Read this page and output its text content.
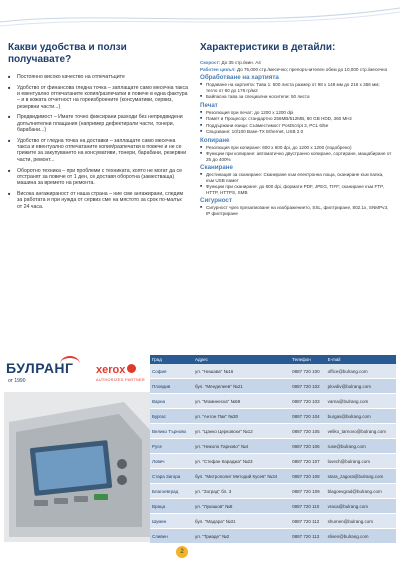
Какви удобства и ползи получавате?
■ Постоянно високо качество на отпечатъците
■ Удобство от финансова гледна точка – заплащате само месечна такса и евентуално отпечатаните копия/разпечатки в повече в една фактура – и в кожата отчетност на гореизброените (консумативи, сервиз, резервни части...)
■ Предвидимост – Имате точно фиксирани разходи без непредвидени допълнителни плащания (например дефектирали части, тонери, барабани...)
■ Удобство от гледна точка на доставки – заплащате само месечна такса и евентуално отпечатаните копия/разпечатки в повече и не се грижите за закупуването на консумативи, тонери, барабани, резервни части, ремонт...
■ Оборотно техника – при проблеми с техниката, която не могат да се отстранят за повече от 1 ден, се доставя оборотна (заместваща) машина за времето на ремонта.
■ Висока ангажираност от наша страна – ние сме ангажирани, следим за работата и при нужда от сервиз сме на мястото за срок по-малък от 24 часа.
Характеристики в детайли:
Скорост: До 35 стр./мин. А4
Работен цикъл: До 75,000 стр./месечно; препоръчителен обем до 10,000 стр./месечно
Обработване на хартията
■ Подаване на хартията: Тава 1: 500 листа размер от 98 x 148 мм до 216 x 356 мм; тегло от 60 до 176 гр/м2
■ Байпасна тава за специални носители: 50 листа
Печат
■ Резолюция при печат: до 1200 x 1200 dpi
■ Памет и Процесор: стандартно 256MB/512MB, 80 GB HDD, 360 MHz
■ Поддържани езици: Съвместимост PostScript 3, PCL 6/5e
■ Свързване: 10/100 Base-TX Ethernet, USB 2.0
Копиране
■ Резолюция при копиране: 600 x 600 dpi, до 1200 x 1200 (подобрено)
■ Функции при копиране: автоматично двустранно копиране, сортиране, мащабиране от 25 до 400%
Сканиране
■ Дестинация за сканиране: Сканиране към електронна поща, сканиране към папка, към USB памет
■ Функции при сканиране: до 600 dpi, формати PDF, JPEG, TIFF; сканиране към FTP, HTTP, HTTPS, SMB
Сигурност
■ Сигурност чрез презаписване на изображението, SSL, филтриране, 802.1x, SNMPv3, IP филтриране
БУЛРАНГ
от 1990
xerox
AUTHORIZED PARTNER
Град	Адрес	Телефон	E-mail
София	ул. "Нишава" №16	0887 720 100	office@bulrang.com
Пловдив	бул. "Менделеев" №21	0887 720 102	plovdiv@bulrang.com
Варна	ул. "Моминеска" №59	0887 720 103	varna@bulrang.com
Бургас	ул. "Антон Пак" №30	0887 720 104	burgas@bulrang.com
Велико Търново	ул. "Цанко Церковски" №12	0887 720 105	veliko_tarnovo@bulrang.com
Русе	ул. "Николо Тарново" №4	0887 720 106	ruse@bulrang.com
Ловеч	ул. "Стефан Караджа" №23	0887 720 107	lovech@bulrang.com
Стара Загора	бул. "Митрополит Методий Кусев" №34	0887 720 108	stara_zagora@bulrang.com
Благоевград	ул. "Зоград" бл. 3	0887 720 109	blagoevgrad@bulrang.com
Враца	ул. "Лукашов" №8	0887 720 110	vraca@bulrang.com
Шумен	бул. "Мадара" №31	0887 720 112	shumen@bulrang.com
Сливен	ул. "Триаде" №2	0887 720 113	sliven@bulrang.com
2
